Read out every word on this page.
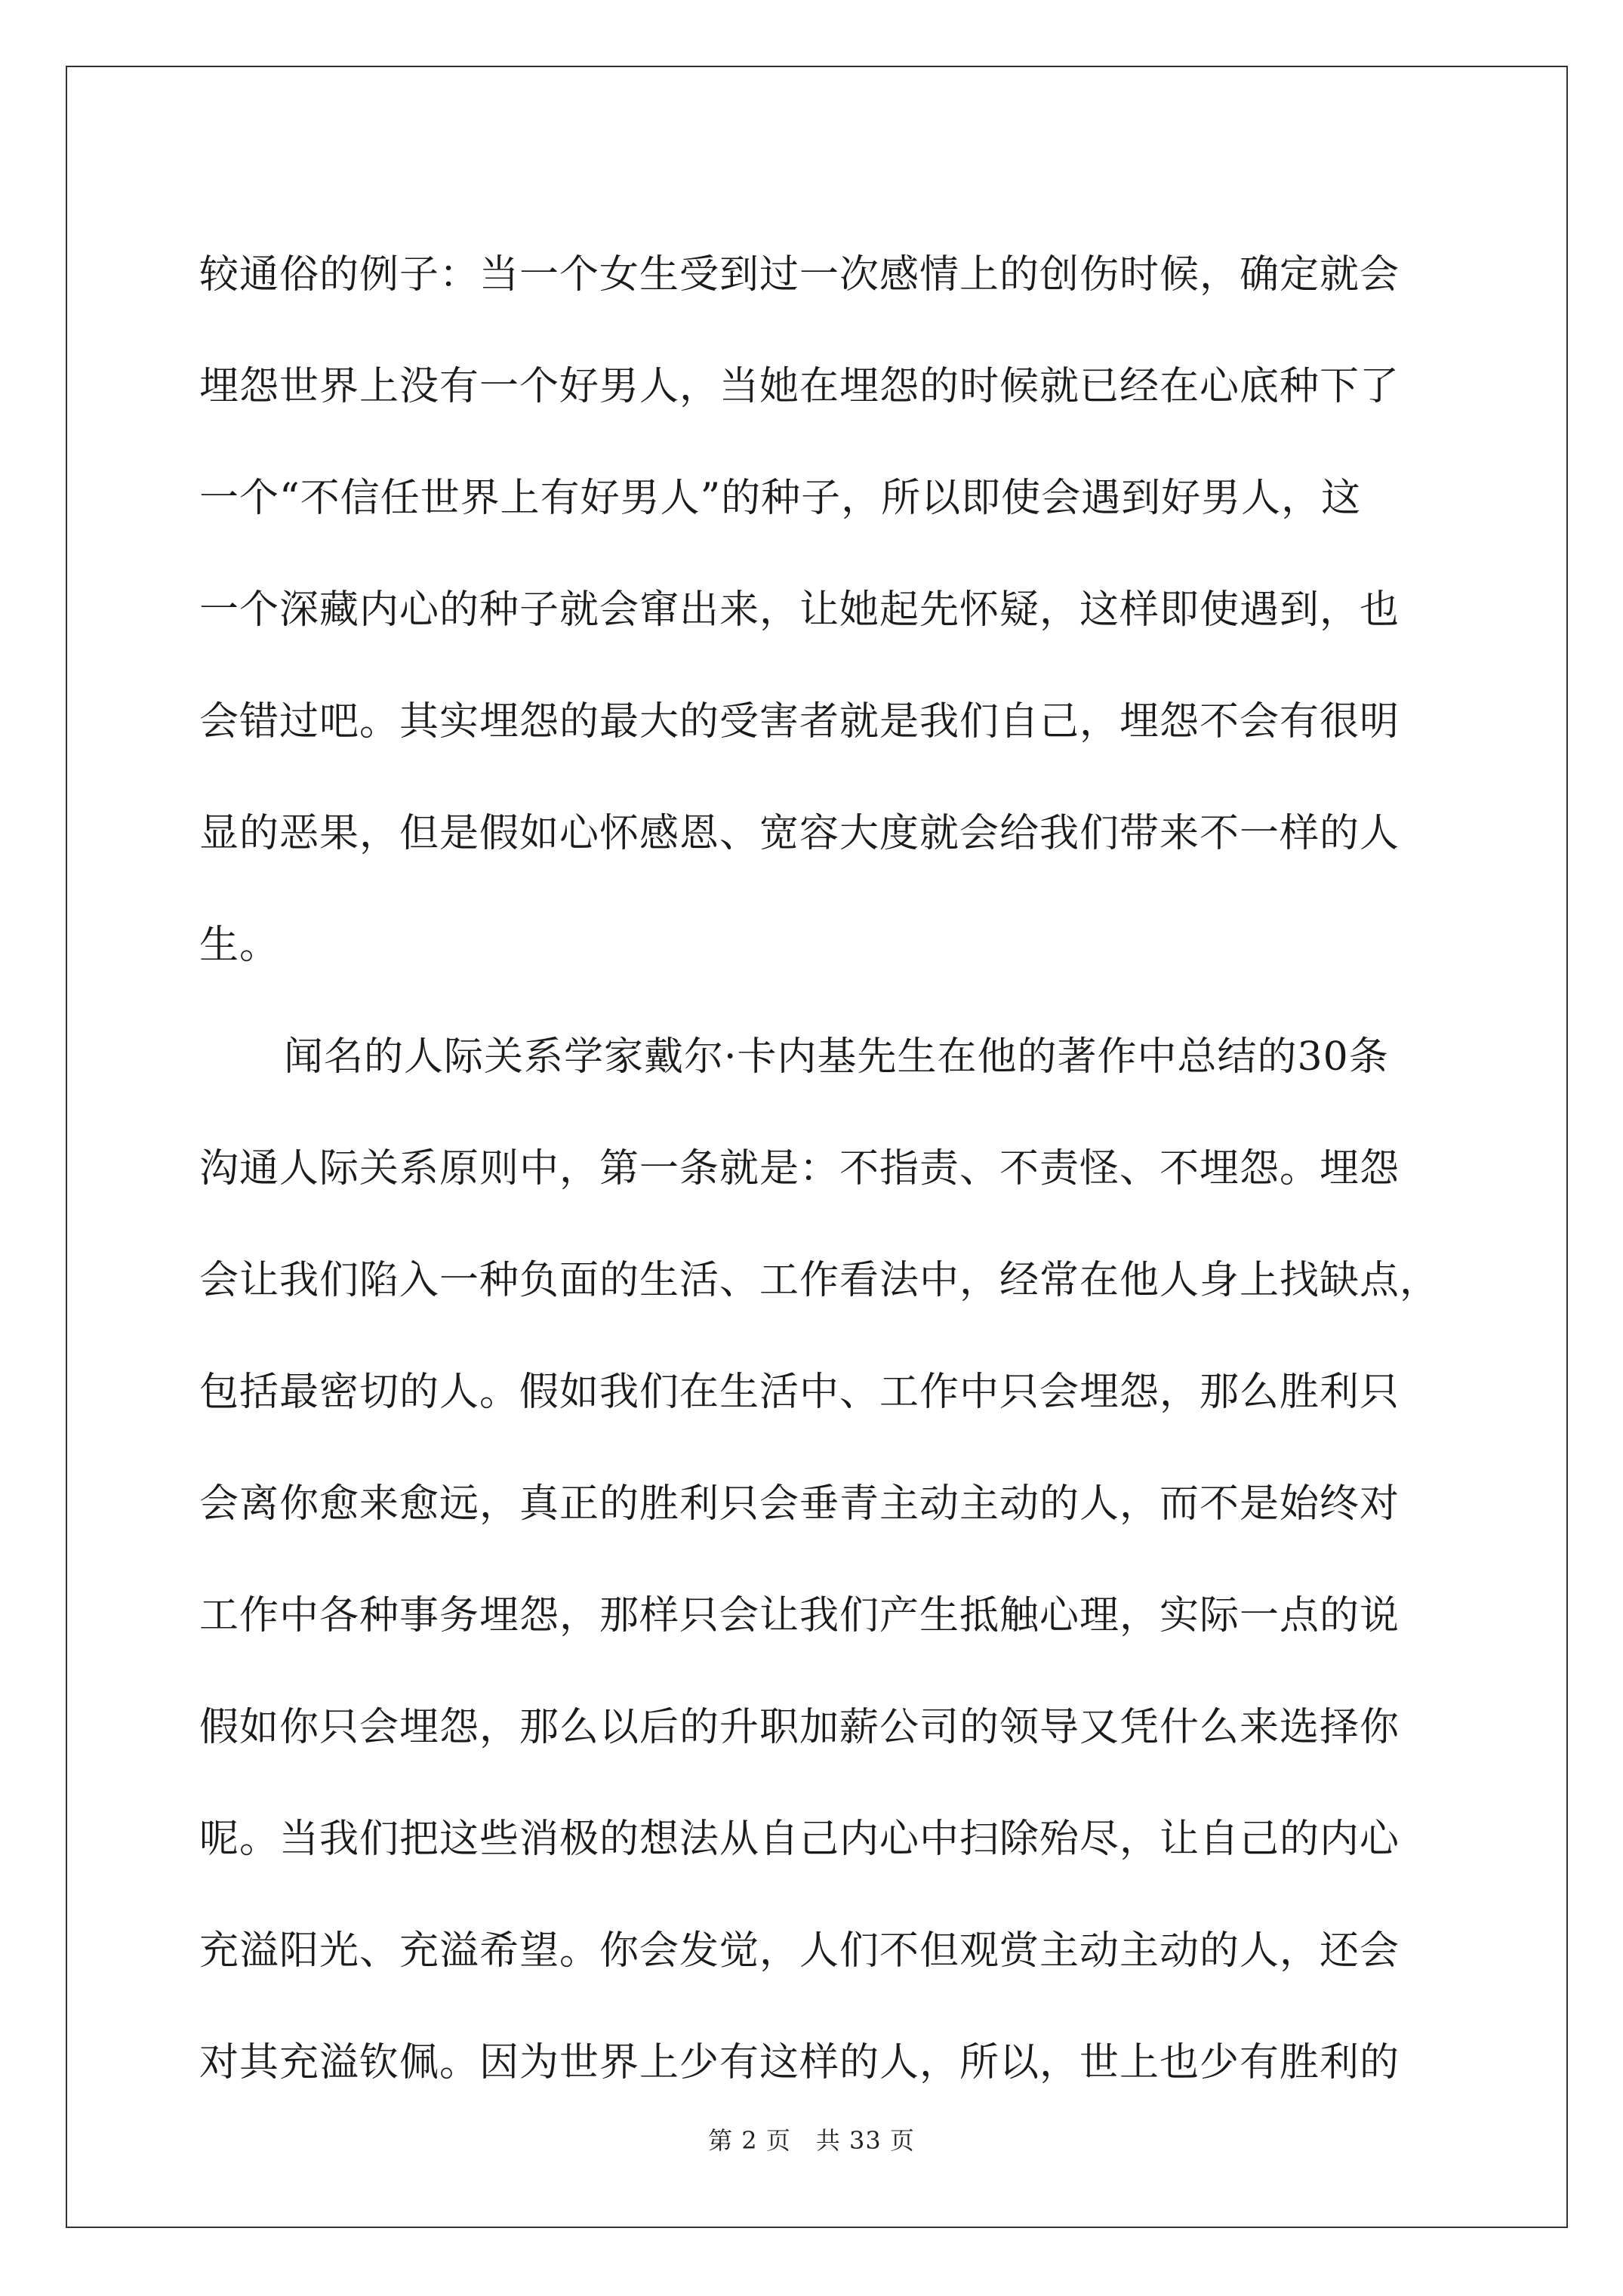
较通俗的例子：当一个女生受到过一次感情上的创伤时候，确定就会
埋怨世界上没有一个好男人，当她在埋怨的时候就已经在心底种下了
一个“不信任世界上有好男人”的种子，所以即使会遇到好男人，这
一个深藏内心的种子就会窜出来，让她起先怀疑，这样即使遇到，也
会错过吧。其实埋怨的最大的受害者就是我们自己，埋怨不会有很明
显的恶果，但是假如心怀感恩、宽容大度就会给我们带来不一样的人
生。
闻名的人际关系学家戴尔·卡内基先生在他的著作中总结的30条
沟通人际关系原则中，第一条就是：不指责、不责怪、不埋怨。埋怨
会让我们陷入一种负面的生活、工作看法中，经常在他人身上找缺点，
包括最密切的人。假如我们在生活中、工作中只会埋怨，那么胜利只
会离你愈来愈远，真正的胜利只会垂青主动主动的人，而不是始终对
工作中各种事务埋怨，那样只会让我们产生抵触心理，实际一点的说
假如你只会埋怨，那么以后的升职加薪公司的领导又凭什么来选择你
呢。当我们把这些消极的想法从自己内心中扫除殆尽，让自己的内心
充溢阳光、充溢希望。你会发觉，人们不但观赏主动主动的人，还会
对其充溢钦佩。因为世界上少有这样的人，所以，世上也少有胜利的
第 2 页　共 33 页
